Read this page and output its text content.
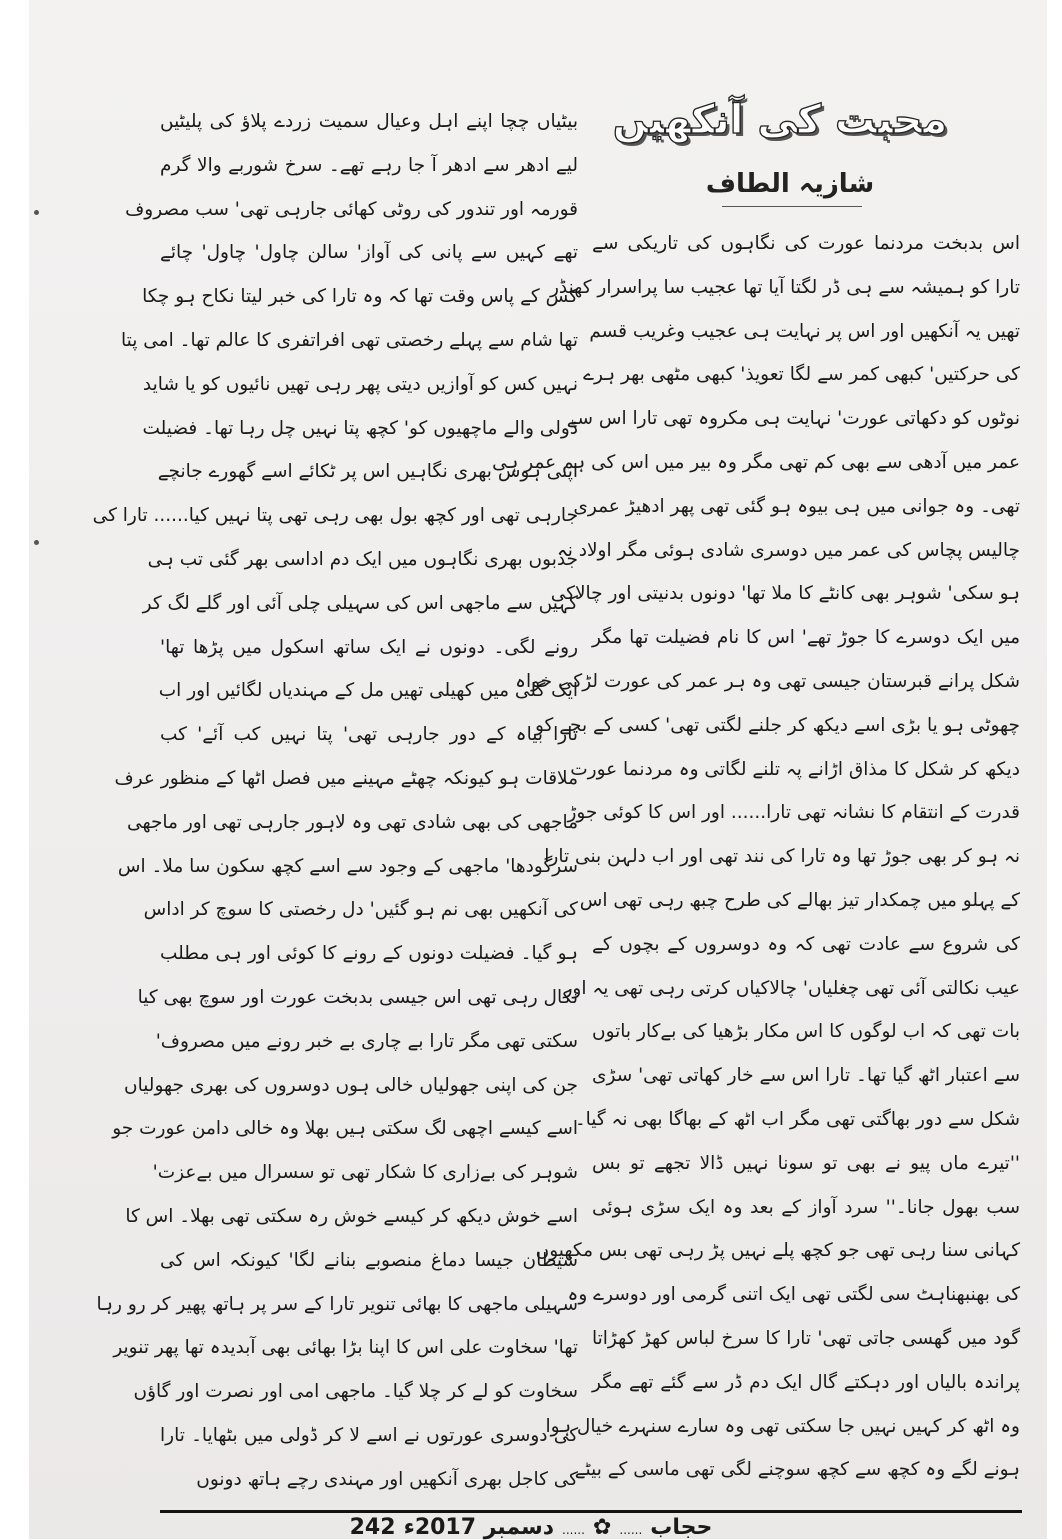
محبت کی آنکھیں
شازیہ الطاف
اس بدبخت مردنما عورت کی نگاہوں کی تاریکی سے
تارا کو ہمیشہ سے ہی ڈر لگتا آیا تھا عجیب سا پراسرار کھنڈر
تھیں یہ آنکھیں اور اس پر نہایت ہی عجیب وغریب قسم
کی حرکتیں' کبھی کمر سے لگا تعویذ' کبھی مٹھی بھر ہرے
نوٹوں کو دکھاتی عورت' نہایت ہی مکروہ تھی تارا اس سے
عمر میں آدھی سے بھی کم تھی مگر وہ بیر میں اس کی ہم عمر ہی
تھی۔ وہ جوانی میں ہی بیوہ ہو گئی تھی پھر ادھیڑ عمری
چالیس پچاس کی عمر میں دوسری شادی ہوئی مگر اولاد نہ
ہو سکی' شوہر بھی کانٹے کا ملا تھا' دونوں بدنیتی اور چالاکی
میں ایک دوسرے کا جوڑ تھے' اس کا نام فضیلت تھا مگر
شکل پرانے قبرستان جیسی تھی وہ ہر عمر کی عورت لڑکی خواہ
چھوٹی ہو یا بڑی اسے دیکھ کر جلنے لگتی تھی' کسی کے بچے کو
دیکھ کر شکل کا مذاق اڑانے پہ تلنے لگاتی وہ مردنما عورت
قدرت کے انتقام کا نشانہ تھی تارا...... اور اس کا کوئی جوڑ
نہ ہو کر بھی جوڑ تھا وہ تارا کی نند تھی اور اب دلہن بنی تارا
کے پہلو میں چمکدار تیز بھالے کی طرح چبھ رہی تھی اس
کی شروع سے عادت تھی کہ وہ دوسروں کے بچوں کے
عیب نکالتی آئی تھی چغلیاں' چالاکیاں کرتی رہی تھی یہ اور
بات تھی کہ اب لوگوں کا اس مکار بڑھیا کی بےکار باتوں
سے اعتبار اٹھ گیا تھا۔ تارا اس سے خار کھاتی تھی' سڑی
شکل سے دور بھاگتی تھی مگر اب اٹھ کے بھاگا بھی نہ گیا۔
''تیرے ماں پیو نے بھی تو سونا نہیں ڈالا تجھے تو بس
سب بھول جانا۔'' سرد آواز کے بعد وہ ایک سڑی ہوئی
کہانی سنا رہی تھی جو کچھ پلے نہیں پڑ رہی تھی بس مکھیوں
کی بھنبھناہٹ سی لگتی تھی ایک اتنی گرمی اور دوسرے وہ
گود میں گھسی جاتی تھی' تارا کا سرخ لباس کھڑ کھڑاتا
پراندہ بالیاں اور دہکتے گال ایک دم ڈر سے گئے تھے مگر
وہ اٹھ کر کہیں نہیں جا سکتی تھی وہ سارے سنہرے خیال ہوا
ہونے لگے وہ کچھ سے کچھ سوچنے لگی تھی ماسی کے بیٹے
بیٹیاں چچا اپنے اہل وعیال سمیت زردے پلاؤ کی پلیٹیں
لیے ادھر سے ادھر آ جا رہے تھے۔ سرخ شوربے والا گرم
قورمہ اور تندور کی روٹی کھائی جارہی تھی' سب مصروف
تھے کہیں سے پانی کی آواز' سالن چاول' چاول' چائے
کس کے پاس وقت تھا کہ وہ تارا کی خبر لیتا نکاح ہو چکا
تھا شام سے پہلے رخصتی تھی افراتفری کا عالم تھا۔ امی پتا
نہیں کس کو آوازیں دیتی پھر رہی تھیں نائیوں کو یا شاید
ڈولی والے ماچھیوں کو' کچھ پتا نہیں چل رہا تھا۔ فضیلت
اپنی ہوس بھری نگاہیں اس پر ٹکائے اسے گھورے جانچے
جارہی تھی اور کچھ بول بھی رہی تھی پتا نہیں کیا...... تارا کی
جذبوں بھری نگاہوں میں ایک دم اداسی بھر گئی تب ہی
کہیں سے ماجھی اس کی سہیلی چلی آئی اور گلے لگ کر
رونے لگی۔ دونوں نے ایک ساتھ اسکول میں پڑھا تھا'
ایک گلی میں کھیلی تھیں مل کے مہندیاں لگائیں اور اب
تارا بیاہ کے دور جارہی تھی' پتا نہیں کب آئے' کب
ملاقات ہو کیونکہ چھٹے مہینے میں فصل اٹھا کے منظور عرف
ماجھی کی بھی شادی تھی وہ لاہور جارہی تھی اور ماجھی
سرگودھا' ماجھی کے وجود سے اسے کچھ سکون سا ملا۔ اس
کی آنکھیں بھی نم ہو گئیں' دل رخصتی کا سوچ کر اداس
ہو گیا۔ فضیلت دونوں کے رونے کا کوئی اور ہی مطلب
نکال رہی تھی اس جیسی بدبخت عورت اور سوچ بھی کیا
سکتی تھی مگر تارا بے چاری بے خبر رونے میں مصروف'
جن کی اپنی جھولیاں خالی ہوں دوسروں کی بھری جھولیاں
اسے کیسے اچھی لگ سکتی ہیں بھلا وہ خالی دامن عورت جو
شوہر کی بےزاری کا شکار تھی تو سسرال میں بےعزت'
اسے خوش دیکھ کر کیسے خوش رہ سکتی تھی بھلا۔ اس کا
شیطان جیسا دماغ منصوبے بنانے لگا' کیونکہ اس کی
سہیلی ماجھی کا بھائی تنویر تارا کے سر پر ہاتھ پھیر کر رو رہا
تھا' سخاوت علی اس کا اپنا بڑا بھائی بھی آبدیدہ تھا پھر تنویر
سخاوت کو لے کر چلا گیا۔ ماجھی امی اور نصرت اور گاؤں
کی دوسری عورتوں نے اسے لا کر ڈولی میں بٹھایا۔ تارا
کی کاجل بھری آنکھیں اور مہندی رچے ہاتھ دونوں
حجاب......✿......دسمبر 2017ء242
